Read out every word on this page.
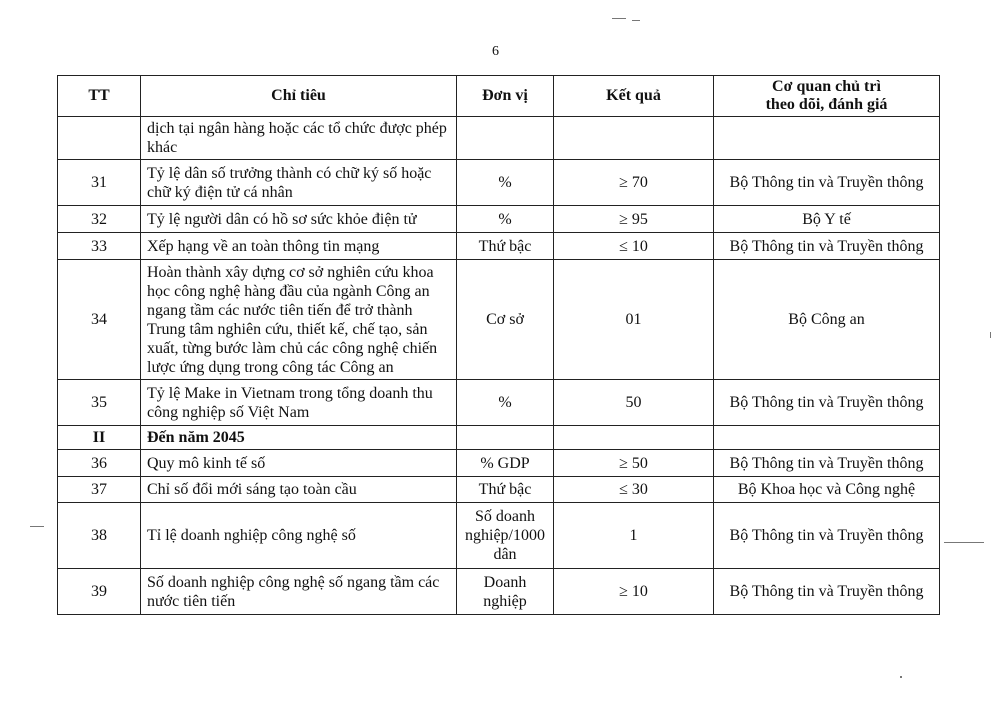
6
TT	Chỉ tiêu	Đơn vị	Kết quả	Cơ quan chủ trì
theo dõi, đánh giá
	dịch tại ngân hàng hoặc các tổ chức được phép khác			
31	Tỷ lệ dân số trưởng thành có chữ ký số hoặc chữ ký điện tử cá nhân	%	≥ 70	Bộ Thông tin và Truyền thông
32	Tỷ lệ người dân có hồ sơ sức khỏe điện tử	%	≥ 95	Bộ Y tế
33	Xếp hạng về an toàn thông tin mạng	Thứ bậc	≤ 10	Bộ Thông tin và Truyền thông
34	Hoàn thành xây dựng cơ sở nghiên cứu khoa học công nghệ hàng đầu của ngành Công an ngang tầm các nước tiên tiến để trở thành Trung tâm nghiên cứu, thiết kế, chế tạo, sản xuất, từng bước làm chủ các công nghệ chiến lược ứng dụng trong công tác Công an	Cơ sở	01	Bộ Công an
35	Tỷ lệ Make in Vietnam trong tổng doanh thu công nghiệp số Việt Nam	%	50	Bộ Thông tin và Truyền thông
II	Đến năm 2045			
36	Quy mô kinh tế số	% GDP	≥ 50	Bộ Thông tin và Truyền thông
37	Chỉ số đổi mới sáng tạo toàn cầu	Thứ bậc	≤ 30	Bộ Khoa học và Công nghệ
38	Tỉ lệ doanh nghiệp công nghệ số	Số doanh nghiệp/1000 dân	1	Bộ Thông tin và Truyền thông
39	Số doanh nghiệp công nghệ số ngang tầm các nước tiên tiến	Doanh nghiệp	≥ 10	Bộ Thông tin và Truyền thông
